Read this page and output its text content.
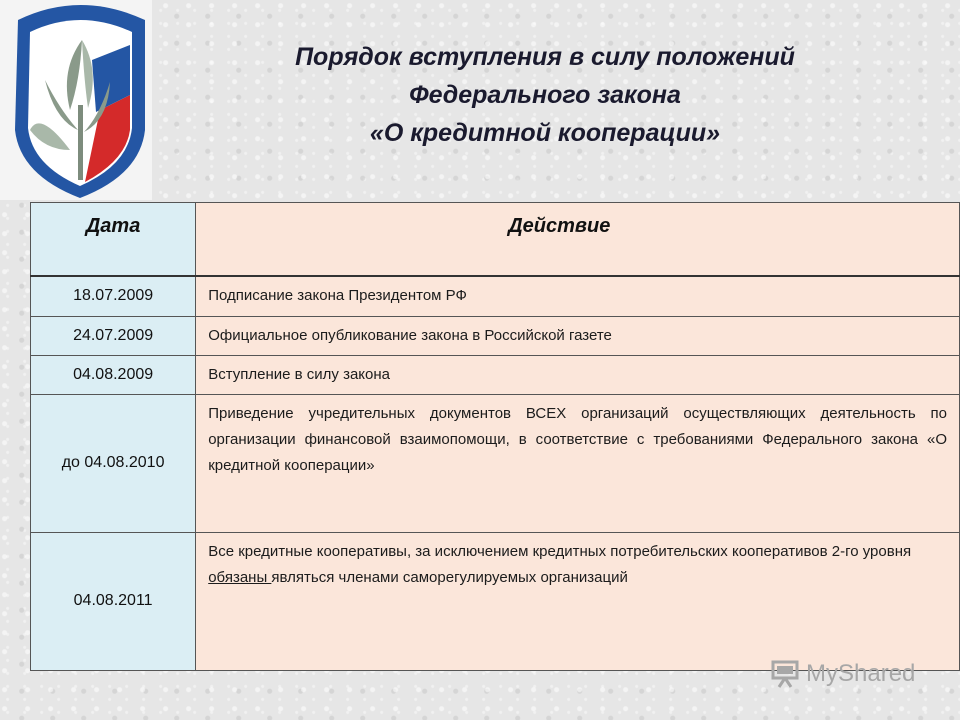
Порядок вступления в силу положений
Федерального закона
«О кредитной кооперации»
Дата	Действие

18.07.2009	Подписание закона Президентом РФ
24.07.2009	Официальное опубликование закона в Российской газете
04.08.2009	Вступление в силу закона
до 04.08.2010	Приведение учредительных документов ВСЕХ организаций осуществляющих деятельность по организации финансовой взаимопомощи, в соответствие с требованиями Федерального закона «О кредитной кооперации»
04.08.2011	Все кредитные кооперативы, за исключением кредитных потребительских кооперативов 2-го уровня обязаны являться членами саморегулируемых организаций
MyShared
